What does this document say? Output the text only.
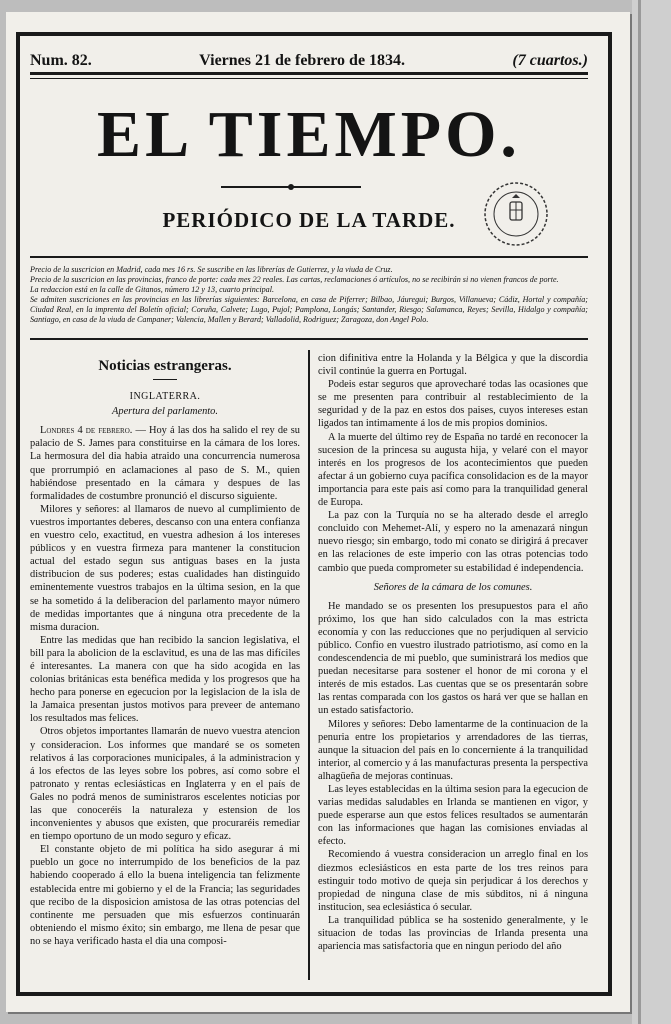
Num. 82.	Viernes 21 de febrero de 1834.	(7 cuartos.)
EL TIEMPO.
PERIÓDICO DE LA TARDE.

Precio de la suscricion en Madrid, cada mes 16 rs. Se suscribe en las librerías de Gutierrez, y la viuda de Cruz.

Precio de la suscricion en las provincias, franco de porte: cada mes 22 reales. Las cartas, reclamaciones ó artículos, no se recibirán si no vienen francos de porte.

La redaccion está en la calle de Gitanos, número 12 y 13, cuarto principal.

Se admiten suscriciones en las provincias en las librerías siguientes: Barcelona, en casa de Piferrer; Bilbao, Jáuregui; Burgos, Villanueva; Cádiz, Hortal y compañía; Ciudad Real, en la imprenta del Boletín oficial; Coruña, Calvete; Lugo, Pujol; Pamplona, Longás; Santander, Riesgo; Salamanca, Reyes; Sevilla, Hidalgo y compañía; Santiago, en casa de la viuda de Campaner; Valencia, Mallen y Berard; Valladolid, Rodriguez; Zaragoza, don Angel Polo.

Noticias estrangeras.
INGLATERRA.
Apertura del parlamento.

Londres 4 de febrero. — Hoy á las dos ha salido el rey de su palacio de S. James para constituirse en la cámara de los lores. La hermosura del dia habia atraido una concurrencia numerosa que prorrumpió en aclamaciones al paso de S. M., quien habiéndose presentado en la cámara y despues de las formalidades de costumbre pronunció el discurso siguiente.

Milores y señores: al llamaros de nuevo al cumplimiento de vuestros importantes deberes, descanso con una entera confianza en vuestro celo, exactitud, en vuestra adhesion á los intereses públicos y en vuestra firmeza para mantener la constitucion actual del estado segun sus antiguas bases en la justa distribucion de sus poderes; estas cualidades han distinguido eminentemente vuestros trabajos en la última sesion, en la que se ha sometido á la deliberacion del parlamento mayor número de medidas importantes que á ninguna otra precedente de la misma duracion.

Entre las medidas que han recibido la sancion legislativa, el bill para la abolicion de la esclavitud, es una de las mas difíciles é interesantes. La manera con que ha sido acogida en las colonias británicas esta benéfica medida y los progresos que ha hecho para ponerse en egecucion por la legislacion de la isla de la Jamaica presentan justos motivos para preveer de antemano los resultados mas felices.

Otros objetos importantes llamarán de nuevo vuestra atencion y consideracion. Los informes que mandaré se os someten relativos á las corporaciones municipales, á la administracion y á los efectos de las leyes sobre los pobres, así como sobre el patronato y rentas eclesiásticas en Inglaterra y en el país de Gales no podrá menos de suministraros escelentes noticias por las que conoceréis la naturaleza y estension de los inconvenientes y abusos que existen, que procuraréis remediar en tiempo oportuno de un modo seguro y eficaz.

El constante objeto de mi política ha sido asegurar á mi pueblo un goce no interrumpido de los beneficios de la paz habiendo cooperado á ello la buena inteligencia tan felizmente establecida entre mi gobierno y el de la Francia; las seguridades que recibo de la disposicion amistosa de las otras potencias del continente me persuaden que mis esfuerzos continuarán obteniendo el mismo éxito; sin embargo, me llena de pesar que no se haya verificado hasta el dia una composi-

cion difinitiva entre la Holanda y la Bélgica y que la discordia civil continúe la guerra en Portugal.

Podeis estar seguros que aprovecharé todas las ocasiones que se me presenten para contribuir al restablecimiento de la seguridad y de la paz en estos dos paises, cuyos intereses estan ligados tan intimamente á los de mis propios dominios.

A la muerte del último rey de España no tardé en reconocer la sucesion de la princesa su augusta hija, y velaré con el mayor interés en los progresos de los acontecimientos que pueden afectar á un gobierno cuya pacífica consolidacion es de la mayor importancia para este pais así como para la tranquilidad general de Europa.

La paz con la Turquía no se ha alterado desde el arreglo concluido con Mehemet-Alí, y espero no la amenazará ningun nuevo riesgo; sin embargo, todo mi conato se dirigirá á precaver en las relaciones de este imperio con las otras potencias todo cambio que pueda comprometer su estabilidad é independencia.

Señores de la cámara de los comunes.

He mandado se os presenten los presupuestos para el año próximo, los que han sido calculados con la mas estricta economía y con las reducciones que no perjudiquen al servicio público. Confio en vuestro ilustrado patriotismo, así como en la condescendencia de mi pueblo, que suministrará los medios que puedan necesitarse para sostener el honor de mi corona y el interés de mis estados. Las cuentas que se os presentarán sobre las rentas comparada con los gastos os hará ver que se hallan en un estado satisfactorio.

Milores y señores: Debo lamentarme de la continuacion de la penuria entre los propietarios y arrendadores de las tierras, aunque la situacion del país en lo concerniente á la tranquilidad interior, al comercio y á las manufacturas presenta la perspectiva alhagüeña de mejoras continuas.

Las leyes establecidas en la última sesion para la egecucion de varias medidas saludables en Irlanda se mantienen en vigor, y puede esperarse aun que estos felices resultados se aumentarán con las informaciones que hagan las comisiones enviadas al efecto.

Recomiendo á vuestra consideracion un arreglo final en los diezmos eclesiásticos en esta parte de los tres reinos para estinguir todo motivo de queja sin perjudicar á los derechos y propiedad de ninguna clase de mis súbditos, ni á ninguna institucion, sea eclesiástica ó secular.

La tranquilidad pública se ha sostenido generalmente, y le situacion de todas las provincias de Irlanda presenta una apariencia mas satisfactoria que en ningun periodo del año
